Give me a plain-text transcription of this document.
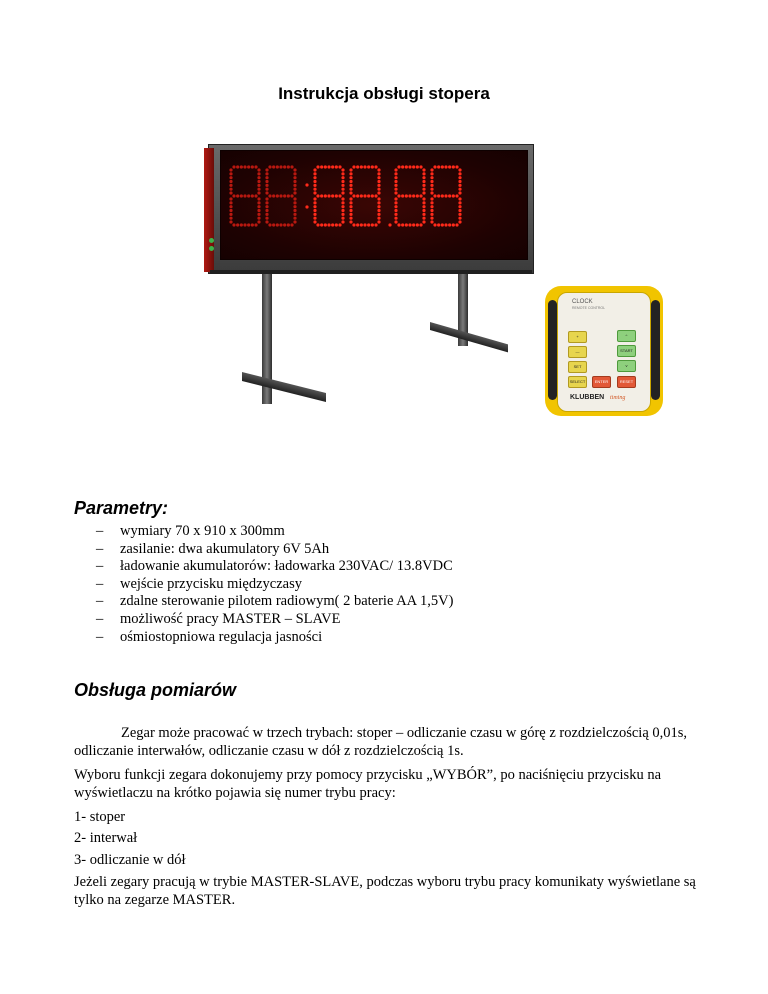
Instrukcja obsługi stopera
CLOCK
REMOTE CONTROL
+	^
—	START
SET	v
SELECT	ENTER	RESET
KLUBBEN timing
Parametry:
– wymiary 70 x 910 x 300mm
– zasilanie: dwa akumulatory 6V 5Ah
– ładowanie akumulatorów: ładowarka 230VAC/ 13.8VDC
– wejście przycisku międzyczasy
– zdalne sterowanie pilotem radiowym( 2 baterie AA 1,5V)
– możliwość pracy MASTER – SLAVE
– ośmiostopniowa regulacja jasności
Obsługa pomiarów
Zegar może pracować w trzech trybach: stoper – odliczanie czasu w górę z rozdzielczością 0,01s, odliczanie interwałów, odliczanie czasu w dół z rozdzielczością 1s.
Wyboru funkcji zegara dokonujemy przy pomocy przycisku „WYBÓR”, po naciśnięciu przycisku na wyświetlaczu na krótko pojawia się numer trybu pracy:
1- stoper
2- interwał
3- odliczanie w dół
Jeżeli zegary pracują w trybie MASTER-SLAVE, podczas wyboru trybu pracy komunikaty wyświetlane są tylko na zegarze MASTER.
